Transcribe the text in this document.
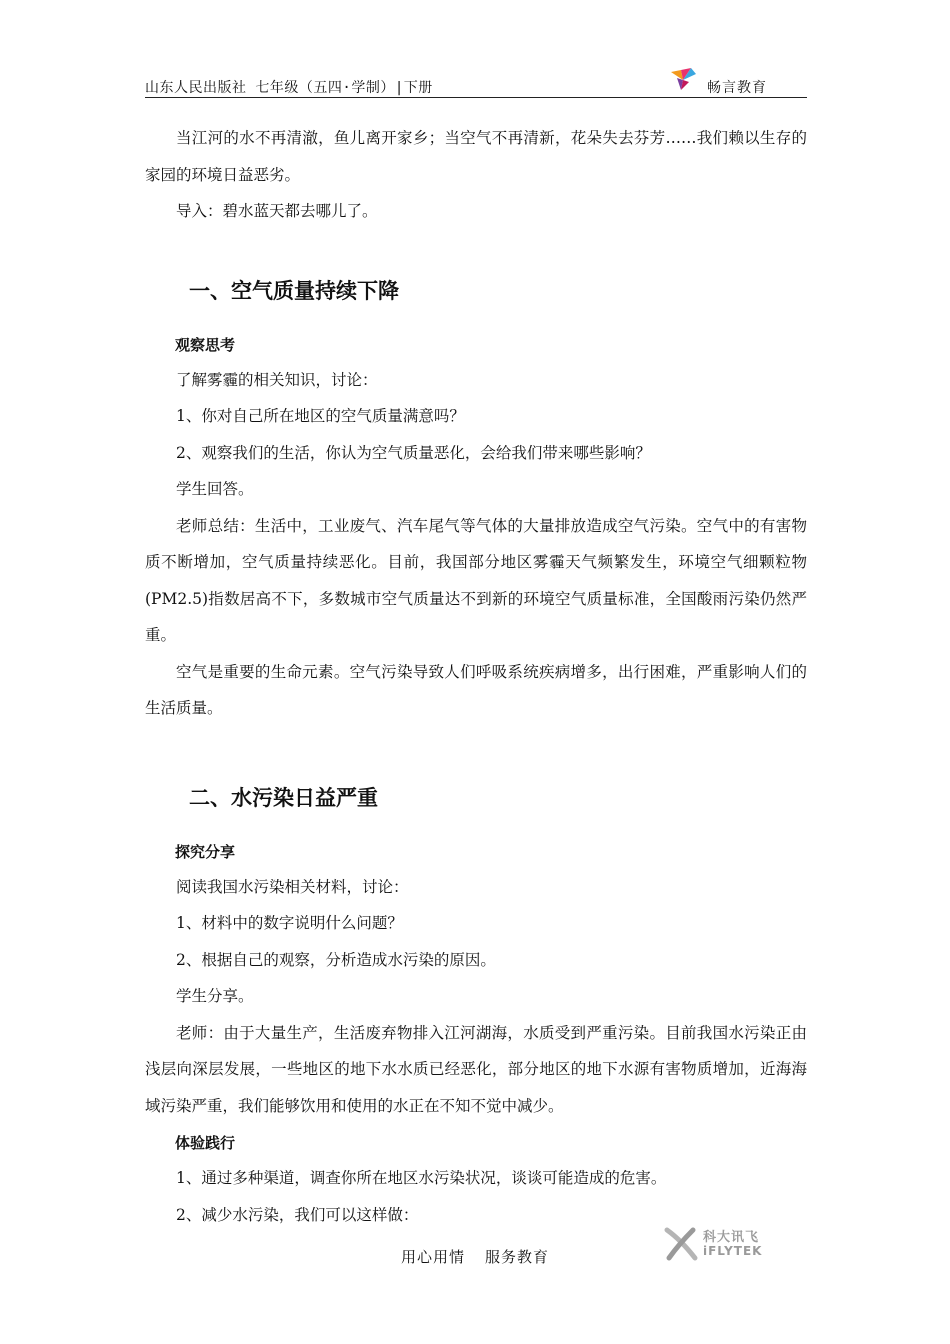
山东人民出版社 七年级（五四·学制）|下册	畅言教育

当江河的水不再清澈，鱼儿离开家乡；当空气不再清新，花朵失去芬芳……我们赖以生存的家园的环境日益恶劣。

导入：碧水蓝天都去哪儿了。

一、空气质量持续下降

观察思考

了解雾霾的相关知识，讨论：

1、你对自己所在地区的空气质量满意吗？

2、观察我们的生活，你认为空气质量恶化，会给我们带来哪些影响？

学生回答。

老师总结：生活中，工业废气、汽车尾气等气体的大量排放造成空气污染。空气中的有害物质不断增加，空气质量持续恶化。目前，我国部分地区雾霾天气频繁发生，环境空气细颗粒物(PM2.5)指数居高不下，多数城市空气质量达不到新的环境空气质量标准，全国酸雨污染仍然严重。

空气是重要的生命元素。空气污染导致人们呼吸系统疾病增多，出行困难，严重影响人们的生活质量。

二、水污染日益严重

探究分享

阅读我国水污染相关材料，讨论：

1、材料中的数字说明什么问题？

2、根据自己的观察，分析造成水污染的原因。

学生分享。

老师：由于大量生产，生活废弃物排入江河湖海，水质受到严重污染。目前我国水污染正由浅层向深层发展，一些地区的地下水水质已经恶化，部分地区的地下水源有害物质增加，近海海域污染严重，我们能够饮用和使用的水正在不知不觉中减少。

体验践行

1、通过多种渠道，调查你所在地区水污染状况，谈谈可能造成的危害。

2、减少水污染，我们可以这样做：

科大讯飞
iFLYTEK
用心用情  服务教育
